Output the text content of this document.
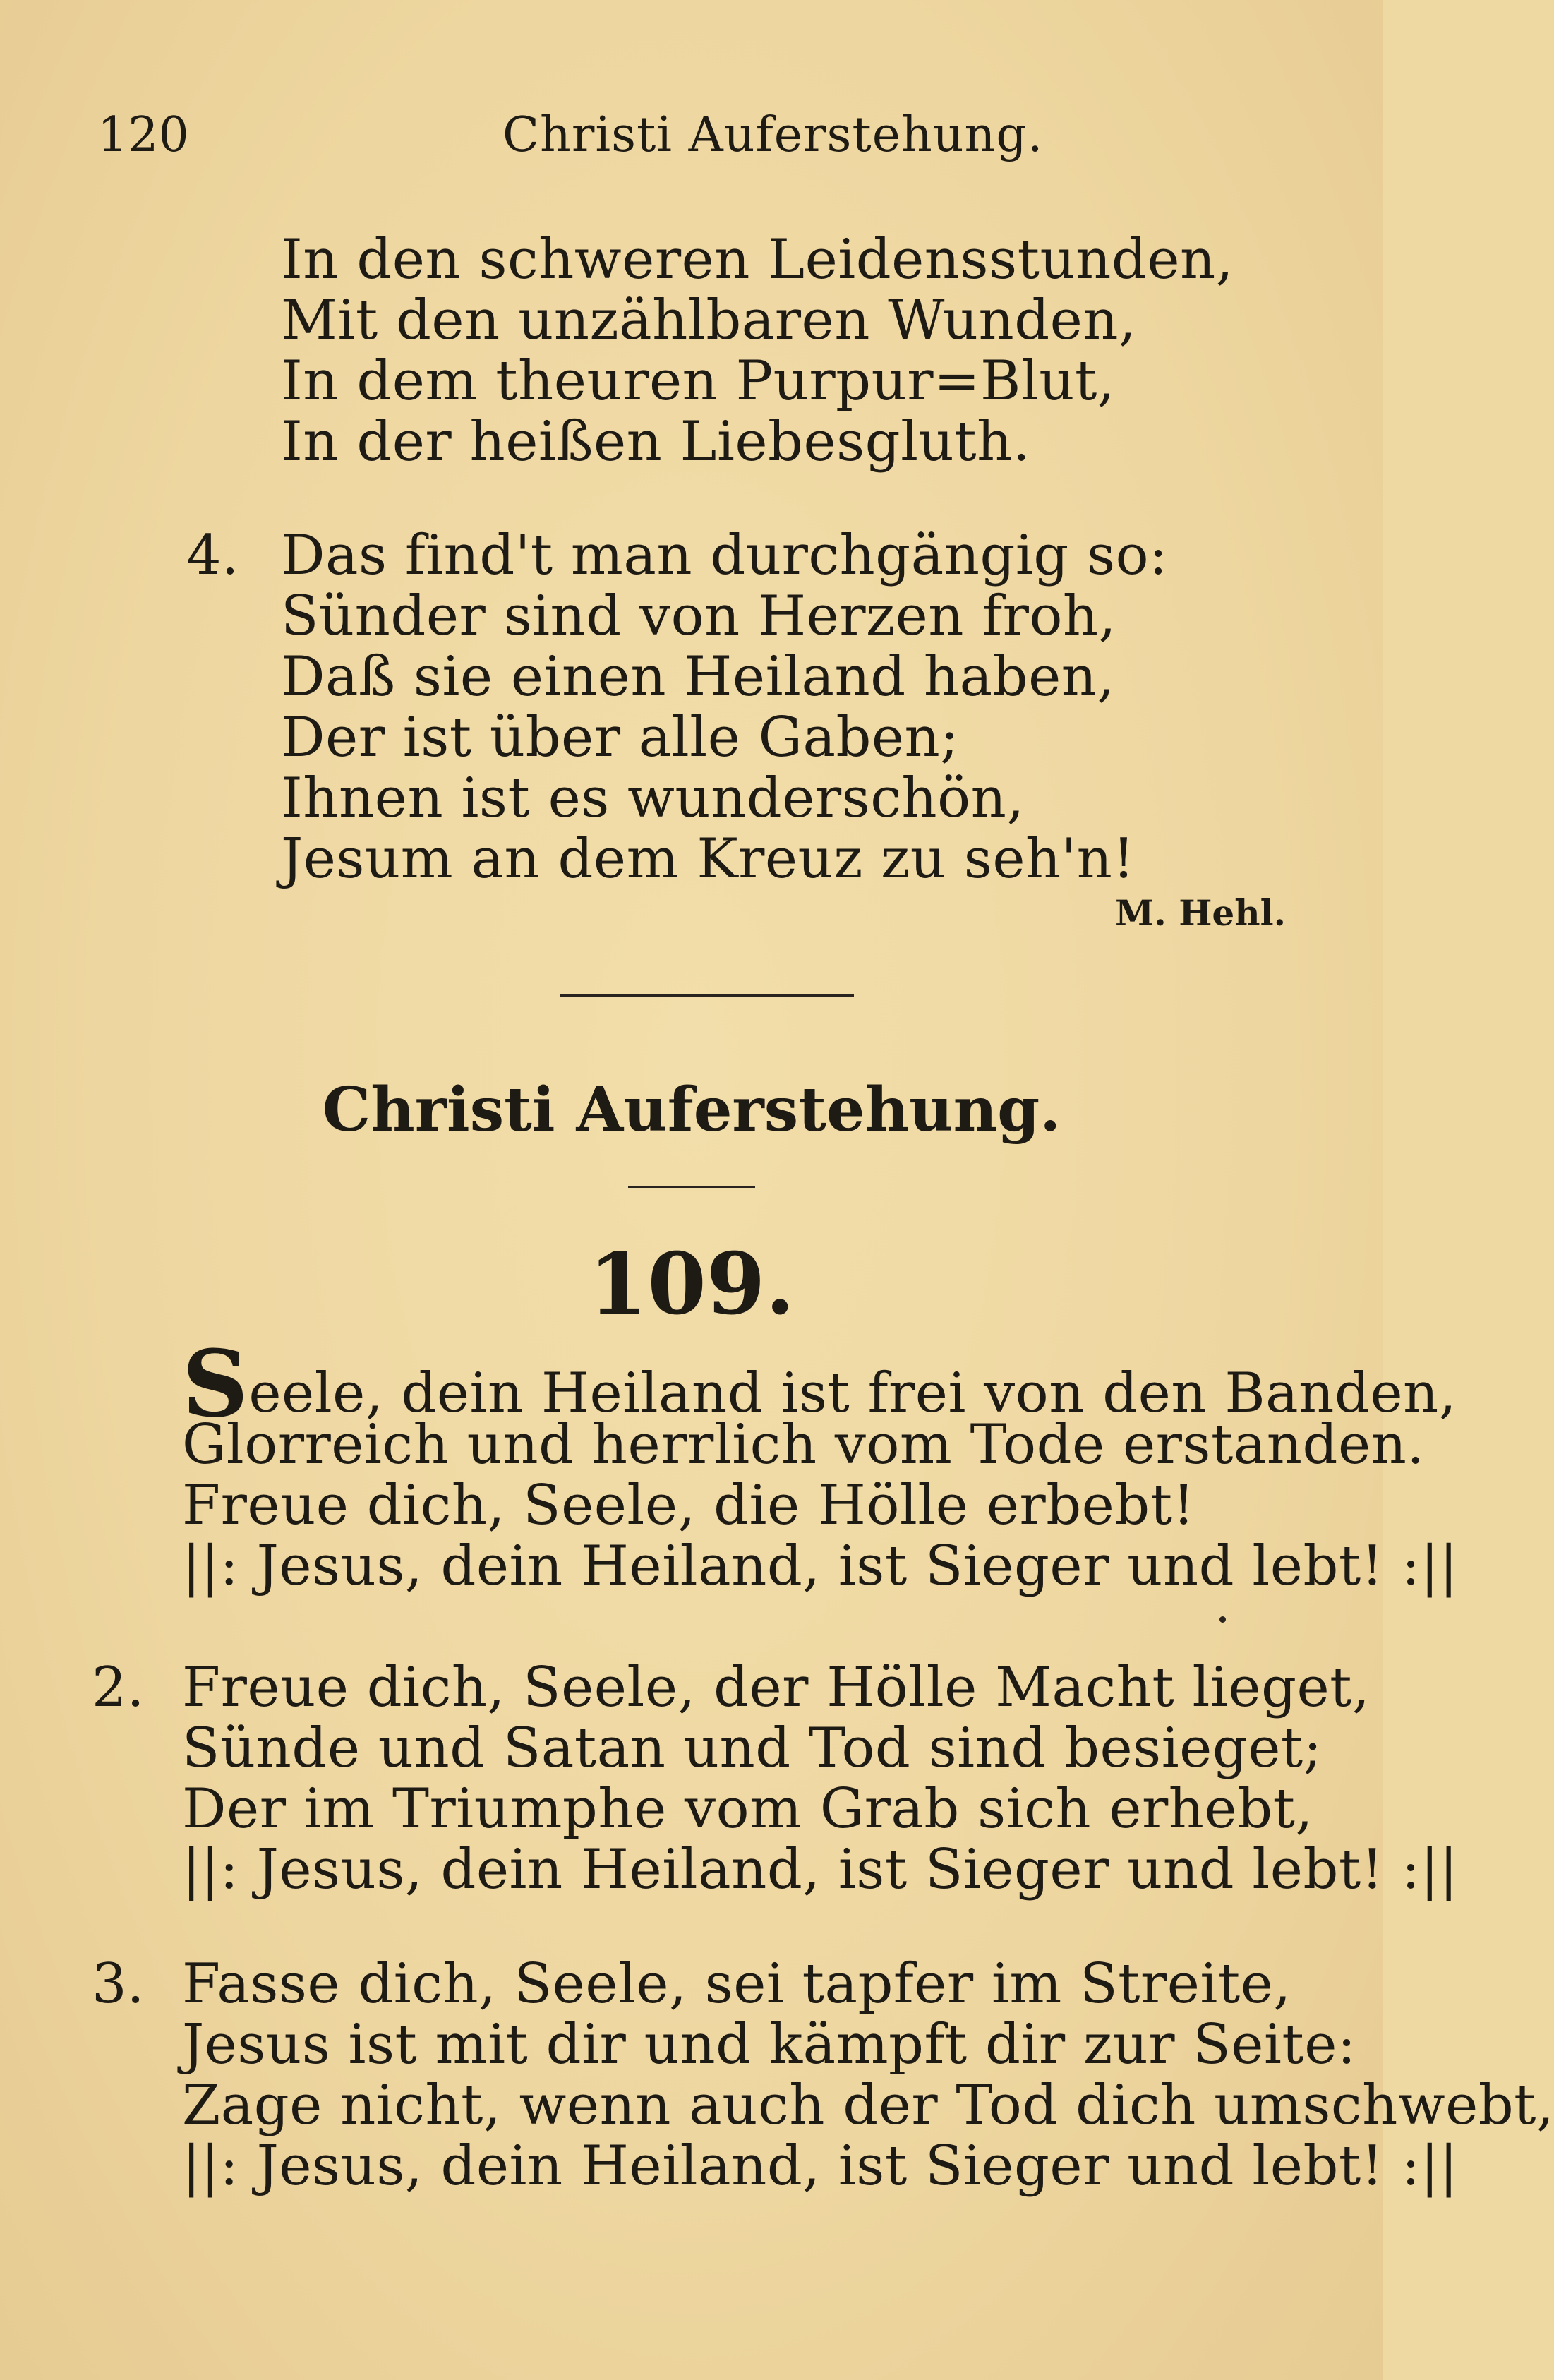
120	Christi Auferstehung.
In den schweren Leidensstunden,
Mit den unzählbaren Wunden,
In dem theuren Purpur=Blut,
In der heißen Liebesgluth.
4. Das find't man durchgängig so:
Sünder sind von Herzen froh,
Daß sie einen Heiland haben,
Der ist über alle Gaben;
Ihnen ist es wunderschön,
Jesum an dem Kreuz zu seh'n!
M. Hehl.
Christi Auferstehung.
109.
Seele, dein Heiland ist frei von den Banden,
Glorreich und herrlich vom Tode erstanden.
Freue dich, Seele, die Hölle erbebt!
||: Jesus, dein Heiland, ist Sieger und lebt! :||
2. Freue dich, Seele, der Hölle Macht lieget,
Sünde und Satan und Tod sind besieget;
Der im Triumphe vom Grab sich erhebt,
||: Jesus, dein Heiland, ist Sieger und lebt! :||
3. Fasse dich, Seele, sei tapfer im Streite,
Jesus ist mit dir und kämpft dir zur Seite:
Zage nicht, wenn auch der Tod dich umschwebt,
||: Jesus, dein Heiland, ist Sieger und lebt! :||
